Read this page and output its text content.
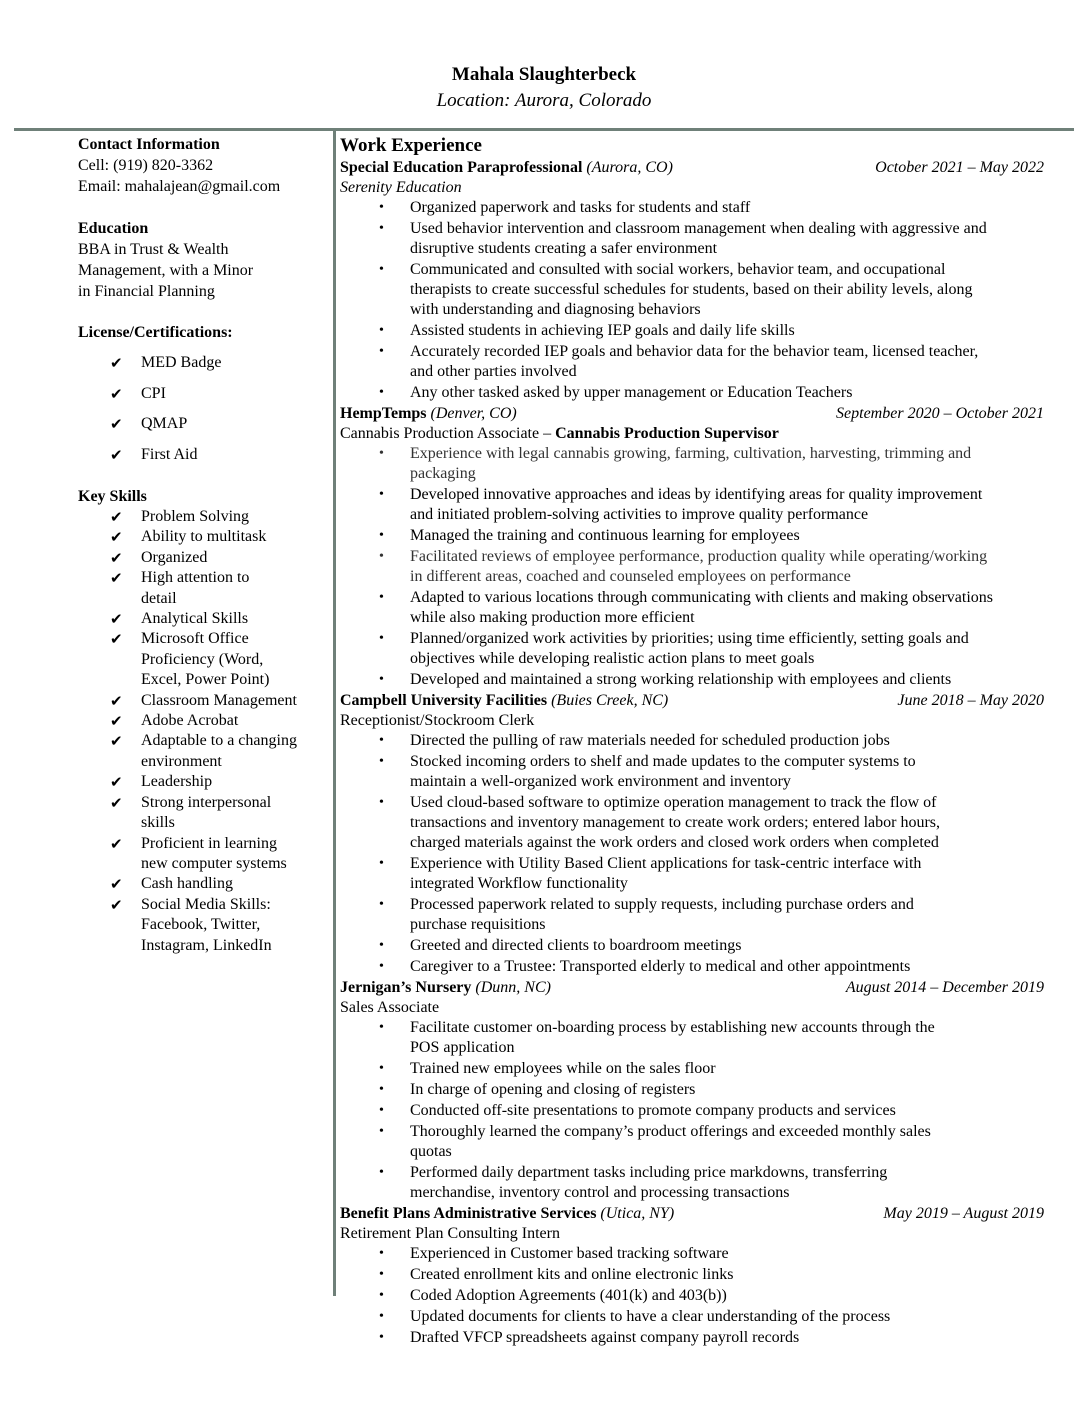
Mahala Slaughterbeck
Location: Aurora, Colorado
Contact Information
Cell: (919) 820-3362
Email: mahalajean@gmail.com
Education
BBA in Trust & Wealth
Management, with a Minor
in Financial Planning
License/Certifications:
✔ MED Badge
✔ CPI
✔ QMAP
✔ First Aid
Key Skills
✔ Problem Solving
✔ Ability to multitask
✔ Organized
✔ High attention to
detail
✔ Analytical Skills
✔ Microsoft Office
Proficiency (Word,
Excel, Power Point)
✔ Classroom Management
✔ Adobe Acrobat
✔ Adaptable to a changing
environment
✔ Leadership
✔ Strong interpersonal
skills
✔ Proficient in learning
new computer systems
✔ Cash handling
✔ Social Media Skills:
Facebook, Twitter,
Instagram, LinkedIn
Work Experience
Special Education Paraprofessional (Aurora, CO)	October 2021 – May 2022
Serenity Education
• Organized paperwork and tasks for students and staff
• Used behavior intervention and classroom management when dealing with aggressive and
disruptive students creating a safer environment
• Communicated and consulted with social workers, behavior team, and occupational
therapists to create successful schedules for students, based on their ability levels, along
with understanding and diagnosing behaviors
• Assisted students in achieving IEP goals and daily life skills
• Accurately recorded IEP goals and behavior data for the behavior team, licensed teacher,
and other parties involved
• Any other tasked asked by upper management or Education Teachers
HempTemps (Denver, CO)	September 2020 – October 2021
Cannabis Production Associate – Cannabis Production Supervisor
• Experience with legal cannabis growing, farming, cultivation, harvesting, trimming and
packaging
• Developed innovative approaches and ideas by identifying areas for quality improvement
and initiated problem-solving activities to improve quality performance
• Managed the training and continuous learning for employees
• Facilitated reviews of employee performance, production quality while operating/working
in different areas, coached and counseled employees on performance
• Adapted to various locations through communicating with clients and making observations
while also making production more efficient
• Planned/organized work activities by priorities; using time efficiently, setting goals and
objectives while developing realistic action plans to meet goals
• Developed and maintained a strong working relationship with employees and clients
Campbell University Facilities (Buies Creek, NC)	June 2018 – May 2020
Receptionist/Stockroom Clerk
• Directed the pulling of raw materials needed for scheduled production jobs
• Stocked incoming orders to shelf and made updates to the computer systems to
maintain a well-organized work environment and inventory
• Used cloud-based software to optimize operation management to track the flow of
transactions and inventory management to create work orders; entered labor hours,
charged materials against the work orders and closed work orders when completed
• Experience with Utility Based Client applications for task-centric interface with
integrated Workflow functionality
• Processed paperwork related to supply requests, including purchase orders and
purchase requisitions
• Greeted and directed clients to boardroom meetings
• Caregiver to a Trustee: Transported elderly to medical and other appointments
Jernigan’s Nursery (Dunn, NC)	August 2014 – December 2019
Sales Associate
• Facilitate customer on-boarding process by establishing new accounts through the
POS application
• Trained new employees while on the sales floor
• In charge of opening and closing of registers
• Conducted off-site presentations to promote company products and services
• Thoroughly learned the company’s product offerings and exceeded monthly sales
quotas
• Performed daily department tasks including price markdowns, transferring
merchandise, inventory control and processing transactions
Benefit Plans Administrative Services (Utica, NY)	May 2019 – August 2019
Retirement Plan Consulting Intern
• Experienced in Customer based tracking software
• Created enrollment kits and online electronic links
• Coded Adoption Agreements (401(k) and 403(b))
• Updated documents for clients to have a clear understanding of the process
• Drafted VFCP spreadsheets against company payroll records
